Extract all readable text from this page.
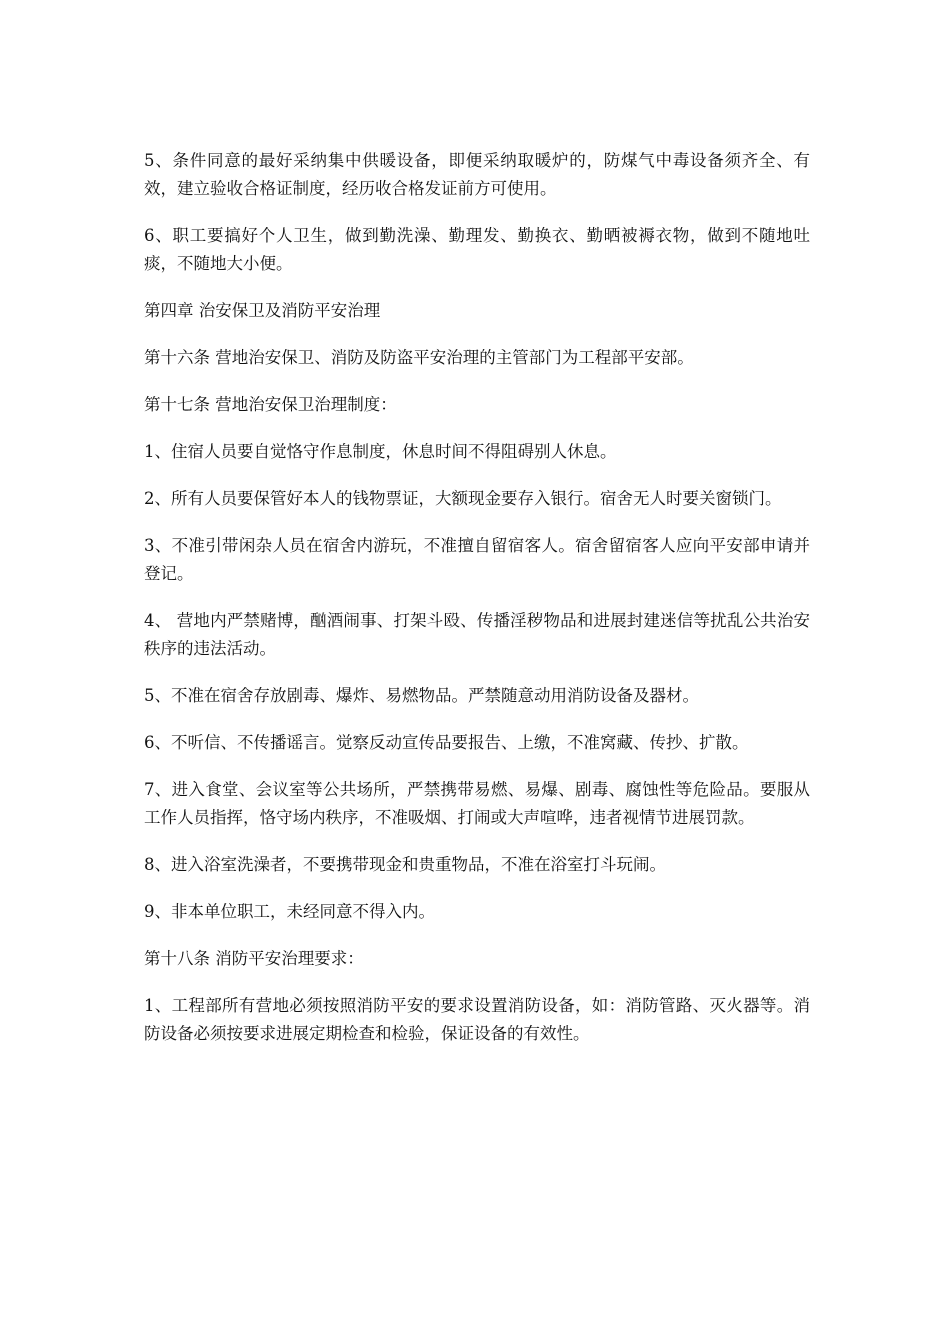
5、条件同意的最好采纳集中供暖设备，即便采纳取暖炉的，防煤气中毒设备须齐全、有效，建立验收合格证制度，经历收合格发证前方可使用。

6、职工要搞好个人卫生，做到勤洗澡、勤理发、勤换衣、勤晒被褥衣物，做到不随地吐痰，不随地大小便。

第四章 治安保卫及消防平安治理

第十六条 营地治安保卫、消防及防盗平安治理的主管部门为工程部平安部。

第十七条 营地治安保卫治理制度：

1、住宿人员要自觉恪守作息制度，休息时间不得阻碍别人休息。

2、所有人员要保管好本人的钱物票证，大额现金要存入银行。宿舍无人时要关窗锁门。

3、不准引带闲杂人员在宿舍内游玩，不准擅自留宿客人。宿舍留宿客人应向平安部申请并登记。

4、 营地内严禁赌博，酗酒闹事、打架斗殴、传播淫秽物品和进展封建迷信等扰乱公共治安秩序的违法活动。

5、不准在宿舍存放剧毒、爆炸、易燃物品。严禁随意动用消防设备及器材。

6、不听信、不传播谣言。觉察反动宣传品要报告、上缴，不准窝藏、传抄、扩散。

7、进入食堂、会议室等公共场所，严禁携带易燃、易爆、剧毒、腐蚀性等危险品。要服从工作人员指挥，恪守场内秩序，不准吸烟、打闹或大声喧哗，违者视情节进展罚款。

8、进入浴室洗澡者，不要携带现金和贵重物品，不准在浴室打斗玩闹。

9、非本单位职工，未经同意不得入内。

第十八条 消防平安治理要求：

1、工程部所有营地必须按照消防平安的要求设置消防设备，如：消防管路、灭火器等。消防设备必须按要求进展定期检查和检验，保证设备的有效性。
